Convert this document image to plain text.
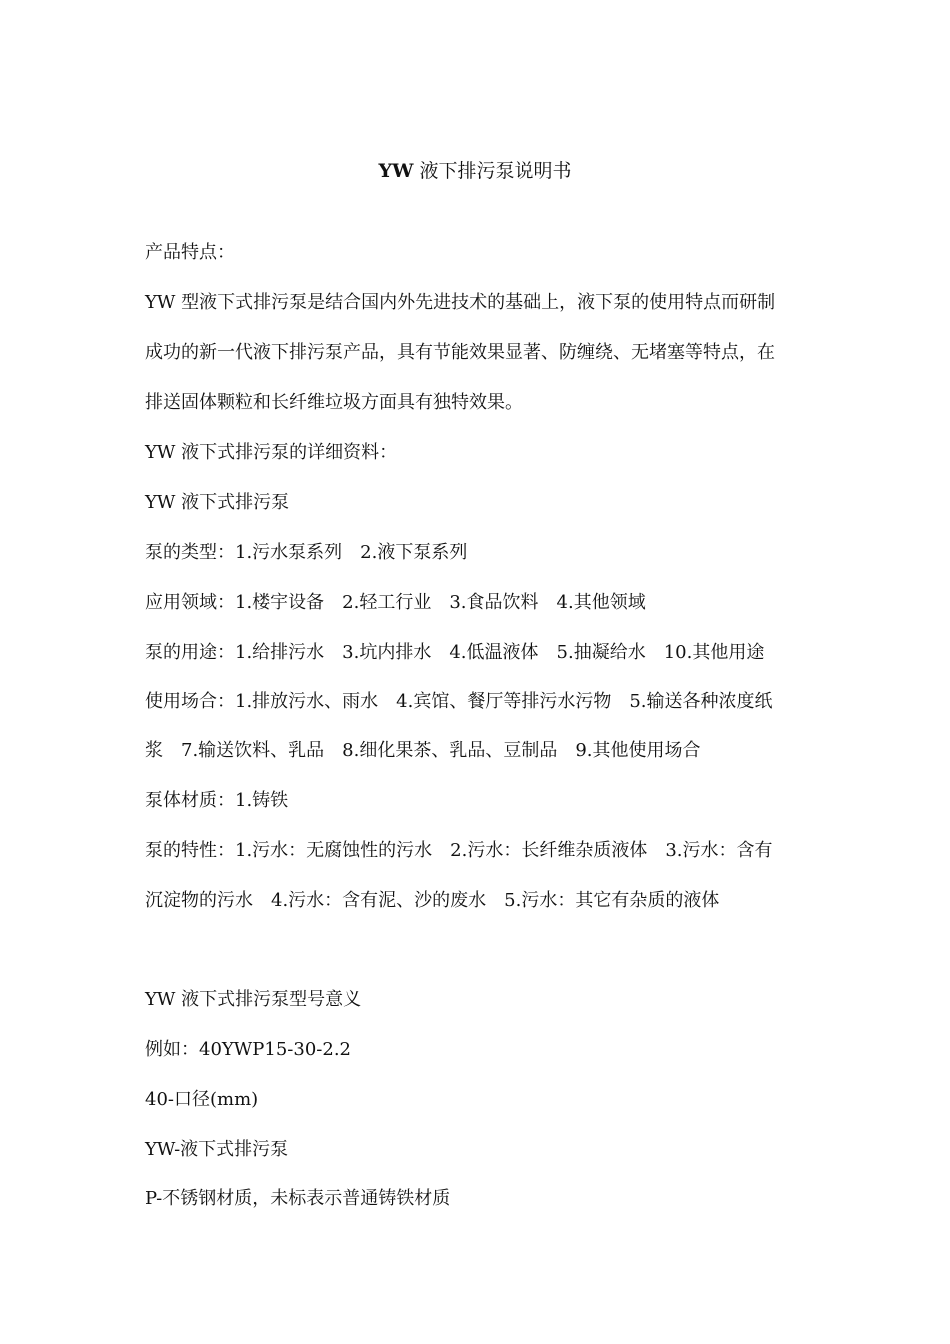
YW 液下排污泵说明书
产品特点：
YW 型液下式排污泵是结合国内外先进技术的基础上，液下泵的使用特点而研制
成功的新一代液下排污泵产品，具有节能效果显著、防缠绕、无堵塞等特点，在
排送固体颗粒和长纤维垃圾方面具有独特效果。
YW 液下式排污泵的详细资料：
YW 液下式排污泵
泵的类型：1.污水泵系列　2.液下泵系列
应用领域：1.楼宇设备　2.轻工行业　3.食品饮料　4.其他领域
泵的用途：1.给排污水　3.坑内排水　4.低温液体　5.抽凝给水　10.其他用途
使用场合：1.排放污水、雨水　4.宾馆、餐厅等排污水污物　5.输送各种浓度纸
浆　7.输送饮料、乳品　8.细化果茶、乳品、豆制品　9.其他使用场合
泵体材质：1.铸铁
泵的特性：1.污水：无腐蚀性的污水　2.污水：长纤维杂质液体　3.污水：含有
沉淀物的污水　4.污水：含有泥、沙的废水　5.污水：其它有杂质的液体
YW 液下式排污泵型号意义
例如：40YWP15-30-2.2
40-口径(mm)
YW-液下式排污泵
P-不锈钢材质，未标表示普通铸铁材质
